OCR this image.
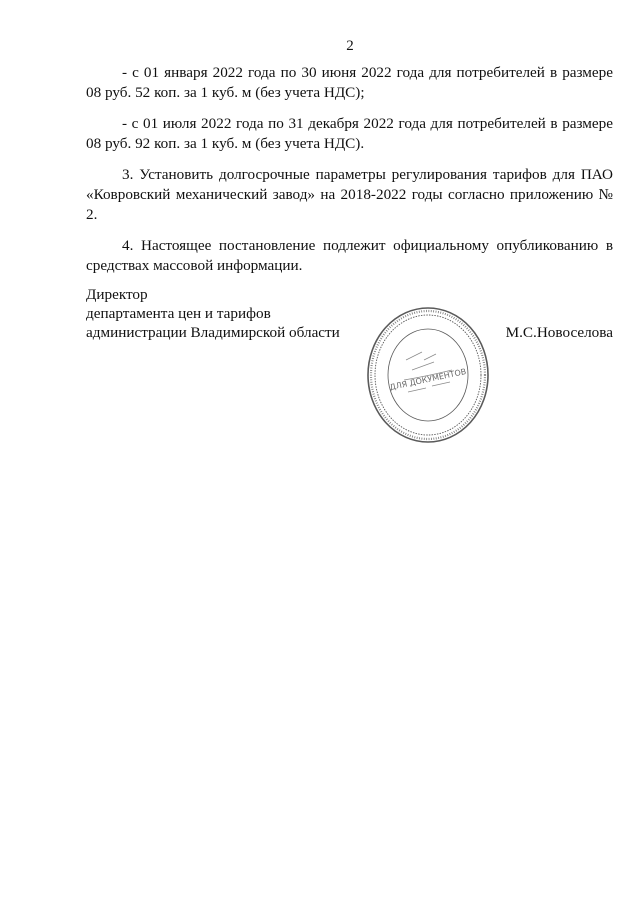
2

- с 01 января 2022 года по 30 июня 2022 года для потребителей в размере 08 руб. 52 коп. за 1 куб. м (без учета НДС);

- с 01 июля 2022 года по 31 декабря 2022 года для потребителей в размере 08 руб. 92 коп. за 1 куб. м (без учета НДС).

3. Установить долгосрочные параметры регулирования тарифов для ПАО «Ковровский механический завод» на 2018-2022 годы согласно приложению № 2.

4. Настоящее постановление подлежит официальному опубликованию в средствах массовой информации.

Директор
департамента цен и тарифов
администрации Владимирской области	М.С.Новоселова
ДЛЯ ДОКУМЕНТОВ
